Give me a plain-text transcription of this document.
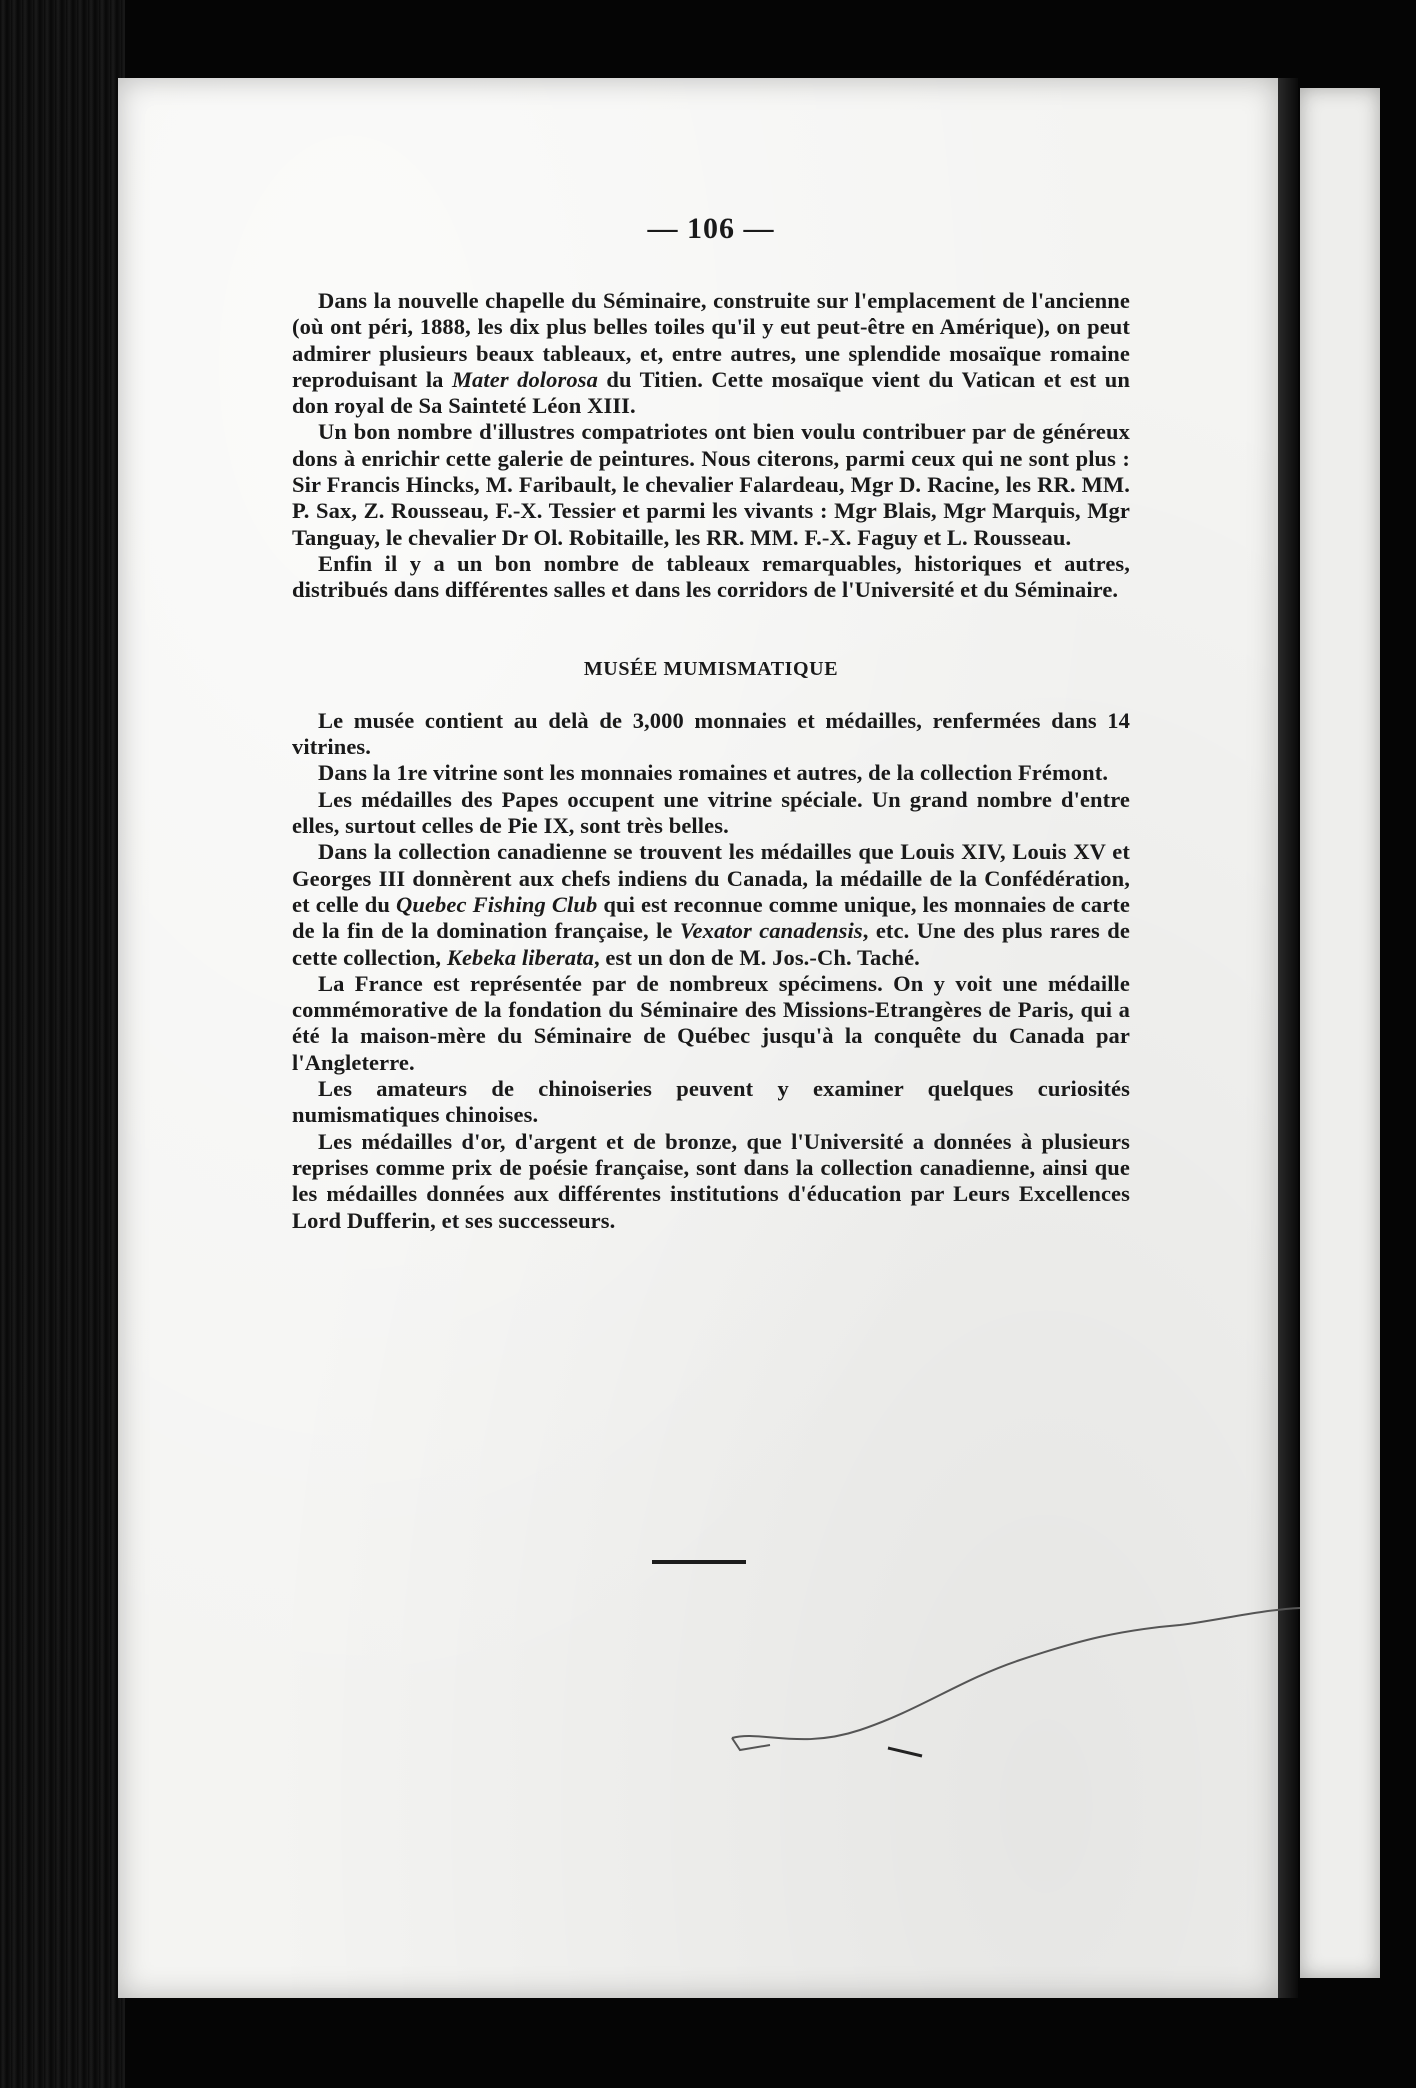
— 106 —

Dans la nouvelle chapelle du Séminaire, construite sur l'emplacement de l'ancienne (où ont péri, 1888, les dix plus belles toiles qu'il y eut peut-être en Amérique), on peut admirer plusieurs beaux tableaux, et, entre autres, une splendide mosaïque romaine reproduisant la Mater dolorosa du Titien. Cette mosaïque vient du Vatican et est un don royal de Sa Sainteté Léon XIII.

Un bon nombre d'illustres compatriotes ont bien voulu contribuer par de généreux dons à enrichir cette galerie de peintures. Nous citerons, parmi ceux qui ne sont plus : Sir Francis Hincks, M. Faribault, le chevalier Falardeau, Mgr D. Racine, les RR. MM. P. Sax, Z. Rousseau, F.-X. Tessier et parmi les vivants : Mgr Blais, Mgr Marquis, Mgr Tanguay, le chevalier Dr Ol. Robitaille, les RR. MM. F.-X. Faguy et L. Rousseau.

Enfin il y a un bon nombre de tableaux remarquables, historiques et autres, distribués dans différentes salles et dans les corridors de l'Université et du Séminaire.

MUSÉE MUMISMATIQUE

Le musée contient au delà de 3,000 monnaies et médailles, renfermées dans 14 vitrines.

Dans la 1re vitrine sont les monnaies romaines et autres, de la collection Frémont.

Les médailles des Papes occupent une vitrine spéciale. Un grand nombre d'entre elles, surtout celles de Pie IX, sont très belles.

Dans la collection canadienne se trouvent les médailles que Louis XIV, Louis XV et Georges III donnèrent aux chefs indiens du Canada, la médaille de la Confédération, et celle du Quebec Fishing Club qui est reconnue comme unique, les monnaies de carte de la fin de la domination française, le Vexator canadensis, etc. Une des plus rares de cette collection, Kebeka liberata, est un don de M. Jos.-Ch. Taché.

La France est représentée par de nombreux spécimens. On y voit une médaille commémorative de la fondation du Séminaire des Missions-Etrangères de Paris, qui a été la maison-mère du Séminaire de Québec jusqu'à la conquête du Canada par l'Angleterre.

Les amateurs de chinoiseries peuvent y examiner quelques curiosités numismatiques chinoises.

Les médailles d'or, d'argent et de bronze, que l'Université a données à plusieurs reprises comme prix de poésie française, sont dans la collection canadienne, ainsi que les médailles données aux différentes institutions d'éducation par Leurs Excellences Lord Dufferin, et ses successeurs.
